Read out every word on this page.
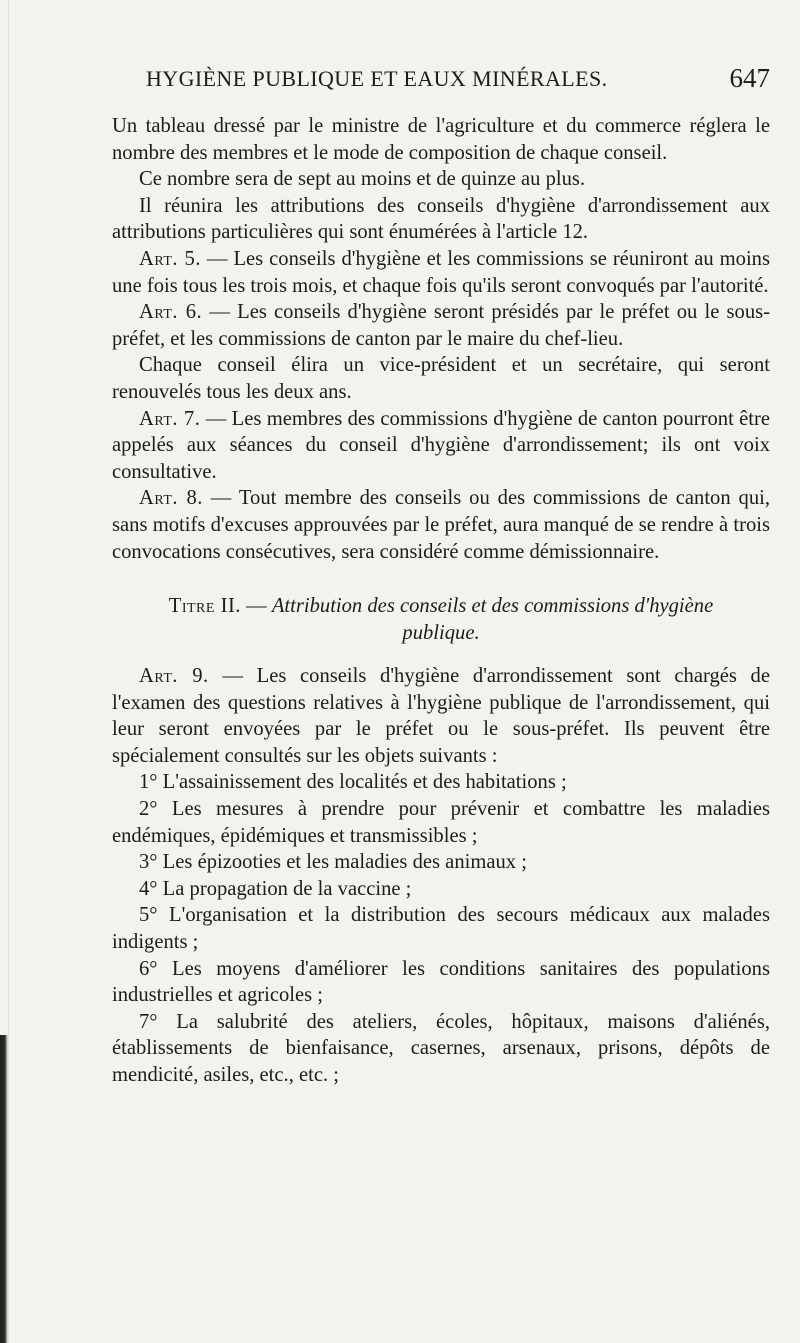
HYGIÈNE PUBLIQUE ET EAUX MINÉRALES.	647

Un tableau dressé par le ministre de l'agriculture et du commerce réglera le nombre des membres et le mode de composition de chaque conseil.

Ce nombre sera de sept au moins et de quinze au plus.

Il réunira les attributions des conseils d'hygiène d'arrondissement aux attributions particulières qui sont énumérées à l'article 12.

Art. 5. — Les conseils d'hygiène et les commissions se réuniront au moins une fois tous les trois mois, et chaque fois qu'ils seront convoqués par l'autorité.

Art. 6. — Les conseils d'hygiène seront présidés par le préfet ou le sous-préfet, et les commissions de canton par le maire du chef-lieu.

Chaque conseil élira un vice-président et un secrétaire, qui seront renouvelés tous les deux ans.

Art. 7. — Les membres des commissions d'hygiène de canton pourront être appelés aux séances du conseil d'hygiène d'arrondissement; ils ont voix consultative.

Art. 8. — Tout membre des conseils ou des commissions de canton qui, sans motifs d'excuses approuvées par le préfet, aura manqué de se rendre à trois convocations consécutives, sera considéré comme démissionnaire.

Titre II. — Attribution des conseils et des commissions d'hygiène
publique.

Art. 9. — Les conseils d'hygiène d'arrondissement sont chargés de l'examen des questions relatives à l'hygiène publique de l'arrondissement, qui leur seront envoyées par le préfet ou le sous-préfet. Ils peuvent être spécialement consultés sur les objets suivants :

1° L'assainissement des localités et des habitations ;

2° Les mesures à prendre pour prévenir et combattre les maladies endémiques, épidémiques et transmissibles ;

3° Les épizooties et les maladies des animaux ;

4° La propagation de la vaccine ;

5° L'organisation et la distribution des secours médicaux aux malades indigents ;

6° Les moyens d'améliorer les conditions sanitaires des populations industrielles et agricoles ;

7° La salubrité des ateliers, écoles, hôpitaux, maisons d'aliénés, établissements de bienfaisance, casernes, arsenaux, prisons, dépôts de mendicité, asiles, etc., etc. ;
